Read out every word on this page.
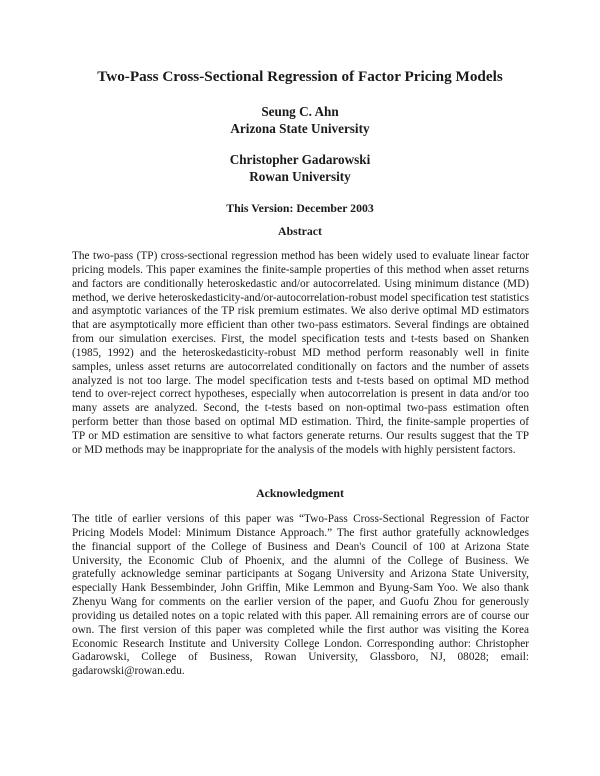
Two-Pass Cross-Sectional Regression of Factor Pricing Models
Seung C. Ahn
Arizona State University
Christopher Gadarowski
Rowan University
This Version: December 2003
Abstract
The two-pass (TP) cross-sectional regression method has been widely used to evaluate linear factor
pricing models. This paper examines the finite-sample properties of this method when asset returns
and factors are conditionally heteroskedastic and/or autocorrelated. Using minimum distance (MD)
method, we derive heteroskedasticity-and/or-autocorrelation-robust model specification test statistics
and asymptotic variances of the TP risk premium estimates. We also derive optimal MD estimators
that are asymptotically more efficient than other two-pass estimators. Several findings are obtained
from our simulation exercises. First, the model specification tests and t-tests based on Shanken
(1985, 1992) and the heteroskedasticity-robust MD method perform reasonably well in finite
samples, unless asset returns are autocorrelated conditionally on factors and the number of assets
analyzed is not too large. The model specification tests and t-tests based on optimal MD method
tend to over-reject correct hypotheses, especially when autocorrelation is present in data and/or too
many assets are analyzed. Second, the t-tests based on non-optimal two-pass estimation often
perform better than those based on optimal MD estimation. Third, the finite-sample properties of
TP or MD estimation are sensitive to what factors generate returns. Our results suggest that the TP
or MD methods may be inappropriate for the analysis of the models with highly persistent factors.
Acknowledgment
The title of earlier versions of this paper was “Two-Pass Cross-Sectional Regression of Factor
Pricing Models Model: Minimum Distance Approach.” The first author gratefully acknowledges
the financial support of the College of Business and Dean's Council of 100 at Arizona State
University, the Economic Club of Phoenix, and the alumni of the College of Business. We
gratefully acknowledge seminar participants at Sogang University and Arizona State University,
especially Hank Bessembinder, John Griffin, Mike Lemmon and Byung-Sam Yoo. We also thank
Zhenyu Wang for comments on the earlier version of the paper, and Guofu Zhou for generously
providing us detailed notes on a topic related with this paper. All remaining errors are of course our
own. The first version of this paper was completed while the first author was visiting the Korea
Economic Research Institute and University College London. Corresponding author: Christopher
Gadarowski, College of Business, Rowan University, Glassboro, NJ, 08028; email:
gadarowski@rowan.edu.
